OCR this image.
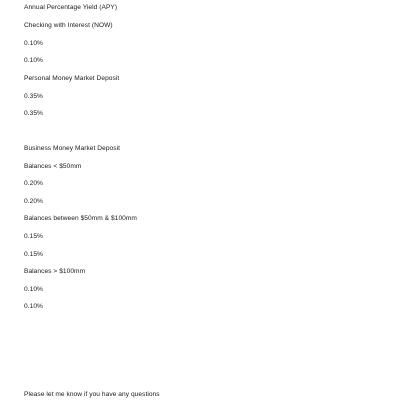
Annual Percentage Yield (APY)
Checking with Interest (NOW)
0.10%
0.10%
Personal Money Market Deposit
0.35%
0.35%
Business Money Market Deposit
Balances < $50mm
0.20%
0.20%
Balances between $50mm & $100mm
0.15%
0.15%
Balances > $100mm
0.10%
0.10%
Please let me know if you have any questions
